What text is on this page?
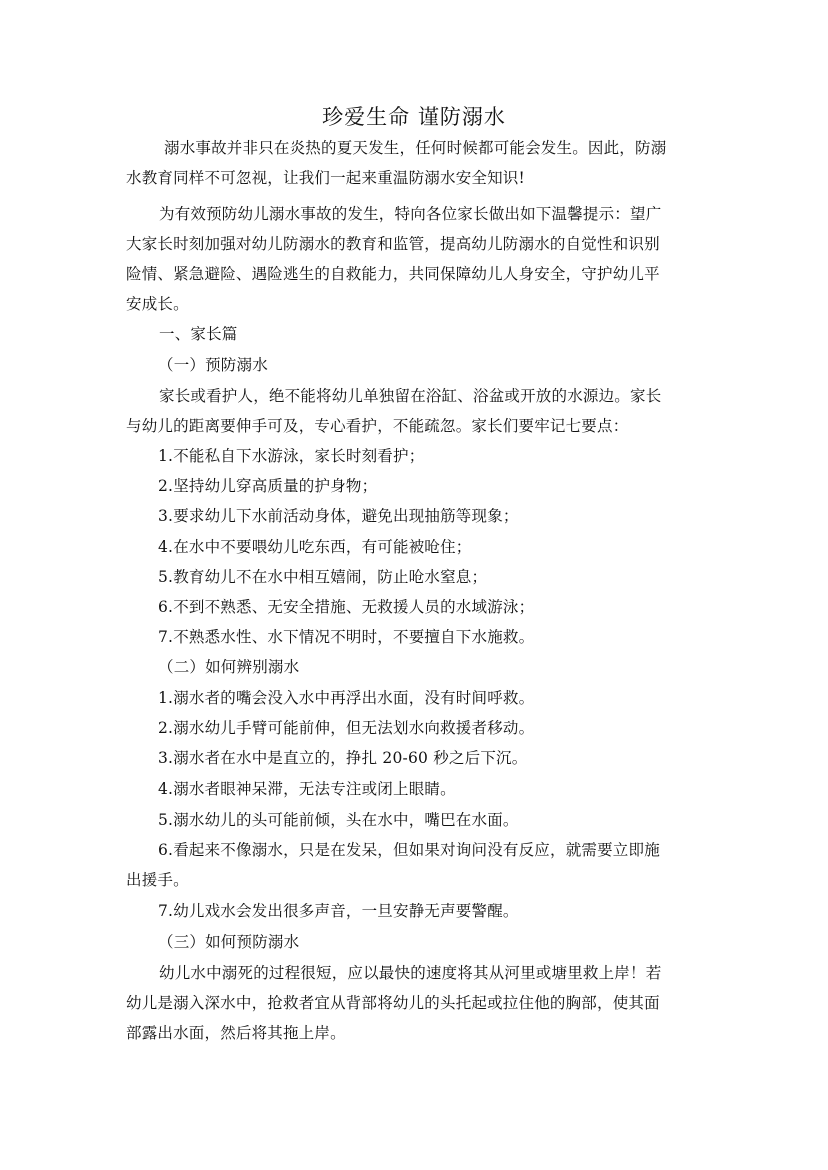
珍爱生命 谨防溺水
溺水事故并非只在炎热的夏天发生，任何时候都可能会发生。因此，防溺
水教育同样不可忽视，让我们一起来重温防溺水安全知识!
为有效预防幼儿溺水事故的发生，特向各位家长做出如下温馨提示：望广
大家长时刻加强对幼儿防溺水的教育和监管，提高幼儿防溺水的自觉性和识别
险情、紧急避险、遇险逃生的自救能力，共同保障幼儿人身安全，守护幼儿平
安成长。
一、家长篇
（一）预防溺水
家长或看护人，绝不能将幼儿单独留在浴缸、浴盆或开放的水源边。家长
与幼儿的距离要伸手可及，专心看护，不能疏忽。家长们要牢记七要点：
1.不能私自下水游泳，家长时刻看护；
2.坚持幼儿穿高质量的护身物；
3.要求幼儿下水前活动身体，避免出现抽筋等现象；
4.在水中不要喂幼儿吃东西，有可能被呛住；
5.教育幼儿不在水中相互嬉闹，防止呛水窒息；
6.不到不熟悉、无安全措施、无救援人员的水域游泳；
7.不熟悉水性、水下情况不明时，不要擅自下水施救。
（二）如何辨别溺水
1.溺水者的嘴会没入水中再浮出水面，没有时间呼救。
2.溺水幼儿手臂可能前伸，但无法划水向救援者移动。
3.溺水者在水中是直立的，挣扎 20-60 秒之后下沉。
4.溺水者眼神呆滞，无法专注或闭上眼睛。
5.溺水幼儿的头可能前倾，头在水中，嘴巴在水面。
6.看起来不像溺水，只是在发呆，但如果对询问没有反应，就需要立即施
出援手。
7.幼儿戏水会发出很多声音，一旦安静无声要警醒。
（三）如何预防溺水
幼儿水中溺死的过程很短，应以最快的速度将其从河里或塘里救上岸！若
幼儿是溺入深水中，抢救者宜从背部将幼儿的头托起或拉住他的胸部，使其面
部露出水面，然后将其拖上岸。
